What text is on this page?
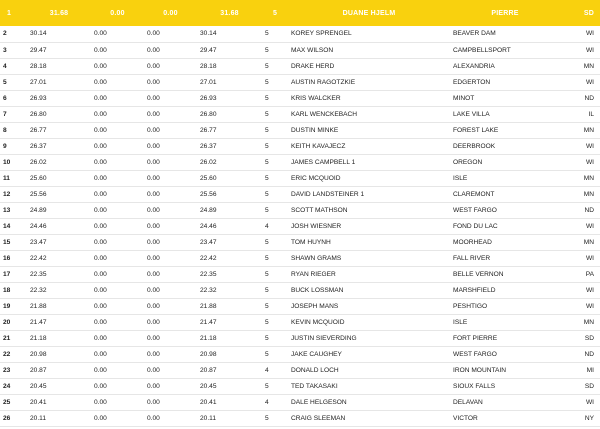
1	31.68	0.00	0.00	31.68	5	DUANE HJELM	PIERRE	SD
2	30.14	0.00	0.00	30.14	5	KOREY SPRENGEL	BEAVER DAM	WI
3	29.47	0.00	0.00	29.47	5	MAX WILSON	CAMPBELLSPORT	WI
4	28.18	0.00	0.00	28.18	5	DRAKE HERD	ALEXANDRIA	MN
5	27.01	0.00	0.00	27.01	5	AUSTIN RAGOTZKIE	EDGERTON	WI
6	26.93	0.00	0.00	26.93	5	KRIS WALCKER	MINOT	ND
7	26.80	0.00	0.00	26.80	5	KARL WENCKEBACH	LAKE VILLA	IL
8	26.77	0.00	0.00	26.77	5	DUSTIN MINKE	FOREST LAKE	MN
9	26.37	0.00	0.00	26.37	5	KEITH KAVAJECZ	DEERBROOK	WI
10	26.02	0.00	0.00	26.02	5	JAMES CAMPBELL 1	OREGON	WI
11	25.60	0.00	0.00	25.60	5	ERIC MCQUOID	ISLE	MN
12	25.56	0.00	0.00	25.56	5	DAVID LANDSTEINER 1	CLAREMONT	MN
13	24.89	0.00	0.00	24.89	5	SCOTT MATHSON	WEST FARGO	ND
14	24.46	0.00	0.00	24.46	4	JOSH WIESNER	FOND DU LAC	WI
15	23.47	0.00	0.00	23.47	5	TOM HUYNH	MOORHEAD	MN
16	22.42	0.00	0.00	22.42	5	SHAWN GRAMS	FALL RIVER	WI
17	22.35	0.00	0.00	22.35	5	RYAN RIEGER	BELLE VERNON	PA
18	22.32	0.00	0.00	22.32	5	BUCK LOSSMAN	MARSHFIELD	WI
19	21.88	0.00	0.00	21.88	5	JOSEPH MANS	PESHTIGO	WI
20	21.47	0.00	0.00	21.47	5	KEVIN MCQUOID	ISLE	MN
21	21.18	0.00	0.00	21.18	5	JUSTIN SIEVERDING	FORT PIERRE	SD
22	20.98	0.00	0.00	20.98	5	JAKE CAUGHEY	WEST FARGO	ND
23	20.87	0.00	0.00	20.87	4	DONALD LOCH	IRON MOUNTAIN	MI
24	20.45	0.00	0.00	20.45	5	TED TAKASAKI	SIOUX FALLS	SD
25	20.41	0.00	0.00	20.41	4	DALE HELGESON	DELAVAN	WI
26	20.11	0.00	0.00	20.11	5	CRAIG SLEEMAN	VICTOR	NY
